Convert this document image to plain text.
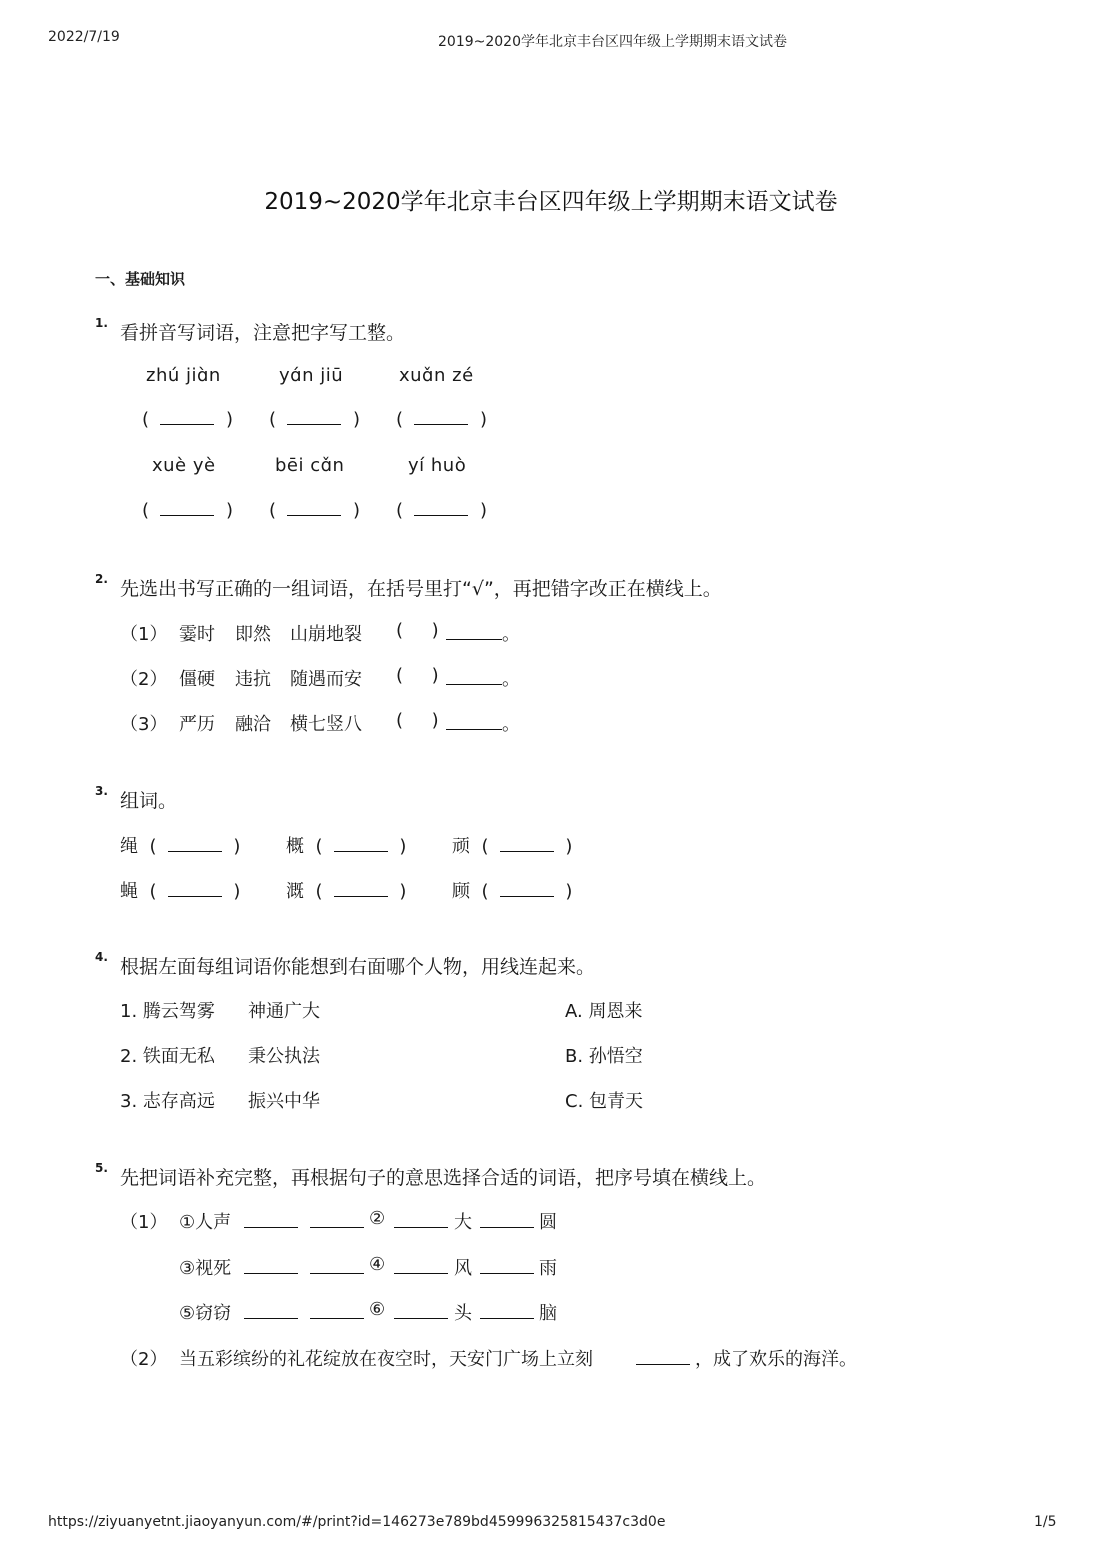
2022/7/19	2019~2020学年北京丰台区四年级上学期期末语文试卷
2019~2020学年北京丰台区四年级上学期期末语文试卷
一、基础知识
1. 看拼音写词语，注意把字写工整。
zhú jiɑ̀n	yɑ́n jiū	xuɑ̌n zé
(	) (	) (	)
xuè yè	bēi cɑ̌n	yí huò
(	) (	) (	)
2. 先选出书写正确的一组词语，在括号里打“√”，再把错字改正在横线上。
（1） 霎时 即然 山崩地裂 (     )	。
（2） 僵硬 违抗 随遇而安 (     )	。
（3） 严历 融洽 横七竖八 (     )	。
3. 组词。
绳 (	)	概 (	)	顽 (	)
蝇 (	)	溉 (	)	顾 (	)
4. 根据左面每组词语你能想到右面哪个人物，用线连起来。
1. 腾云驾雾 神通广大	A. 周恩来
2. 铁面无私 秉公执法	B. 孙悟空
3. 志存高远 振兴中华	C. 包青天
5. 先把词语补充完整，再根据句子的意思选择合适的词语，把序号填在横线上。
（1） ①人声	②	大	圆
③视死	④	风	雨
⑤窃窃	⑥	头	脑
（2） 当五彩缤纷的礼花绽放在夜空时，天安门广场上立刻	，成了欢乐的海洋。
https://ziyuanyetnt.jiaoyanyun.com/#/print?id=146273e789bd459996325815437c3d0e	1/5
